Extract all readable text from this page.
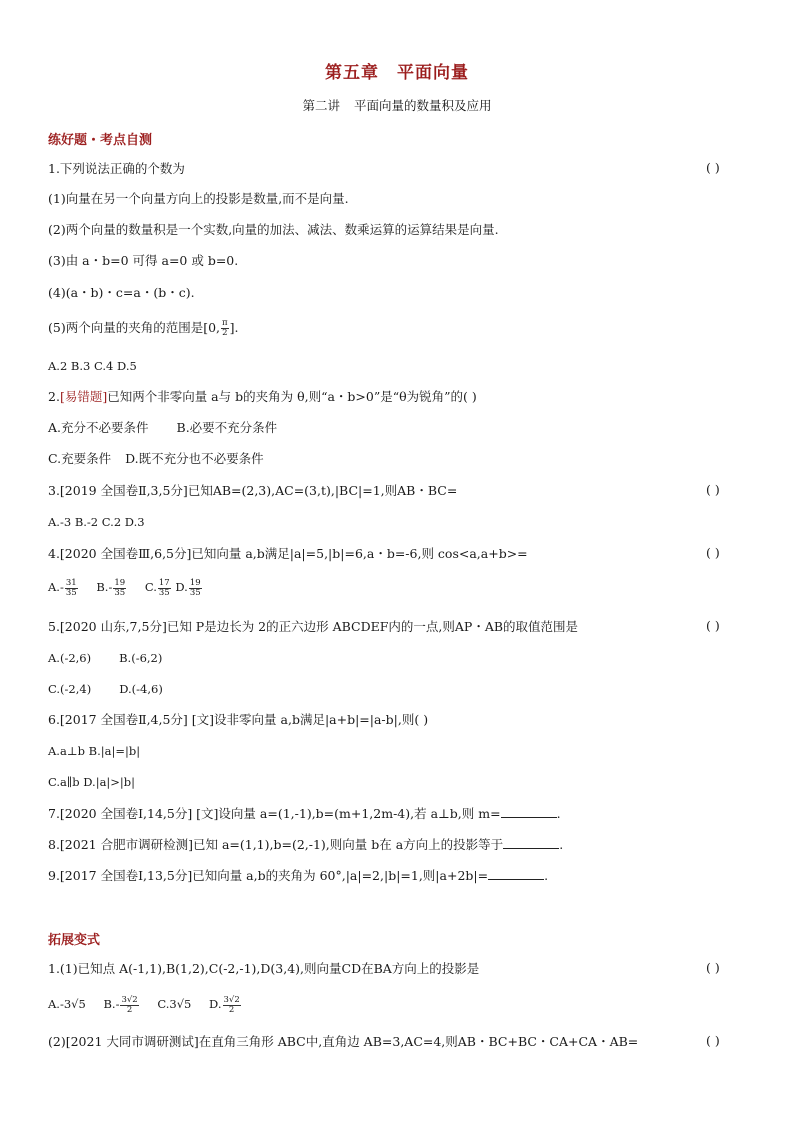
第五章 平面向量
第二讲 平面向量的数量积及应用
练好题・考点自测
1.下列说法正确的个数为	( )
(1)向量在另一个向量方向上的投影是数量,而不是向量.
(2)两个向量的数量积是一个实数,向量的加法、减法、数乘运算的运算结果是向量.
(3)由 a・b=0 可得 a=0 或 b=0.
(4)(a・b)・c=a・(b・c).
(5)两个向量的夹角的范围是[0, $\frac{\pi}{2}$ ].
A.2 B.3 C.4 D.5
2.[易错题]已知两个非零向量 a与 b的夹角为 θ,则“a・b>0”是“θ为锐角”的( )
A.充分不必要条件 B.必要不充分条件
C.充要条件 D.既不充分也不必要条件
3.[2019 全国卷Ⅱ,3,5分]已知AB=(2,3),AC=(3,t),|BC|=1,则AB・BC=	( )
A.-3 B.-2 C.2 D.3
4.[2020 全国卷Ⅲ,6,5分]已知向量 a,b满足|a|=5,|b|=6,a・b=-6,则 cos<a,a+b>=	( )
$A.- \frac{31}{35} B.- \frac{19}{35} C$. $\frac{17}{35} D$. $\frac{19}{35}$
5.[2020 山东,7,5分]已知 P是边长为 2的正六边形 ABCDEF内的一点,则AP・AB的取值范围是	( )
A.(-2,6) B.(-6,2)
C.(-2,4) D.(-4,6)
6.[2017 全国卷Ⅱ,4,5分] [文]设非零向量 a,b满足|a+b|=|a-b|,则( )
A.a⊥b B.|a|=|b|
C.a∥b D.|a|>|b|
7.[2020 全国卷Ⅰ,14,5分] [文]设向量 a=(1,-1),b=(m+1,2m-4),若 a⊥b,则 m=	.
8.[2021 合肥市调研检测]已知 a=(1,1),b=(2,-1),则向量 b在 a方向上的投影等于	.
9.[2017 全国卷Ⅰ,13,5分]已知向量 a,b的夹角为 60°,|a|=2,|b|=1,则|a+2b|=	.
拓展变式
1.(1)已知点 A(-1,1),B(1,2),C(-2,-1),D(3,4),则向量CD在BA方向上的投影是	( )
A.-3√5 $B.- \frac{3√2}{2} C.3√5$ D. $\frac{3√2}{2}$
(2)[2021 大同市调研测试]在直角三角形 ABC中,直角边 AB=3,AC=4,则AB・BC+BC・CA+CA・AB=	( )
